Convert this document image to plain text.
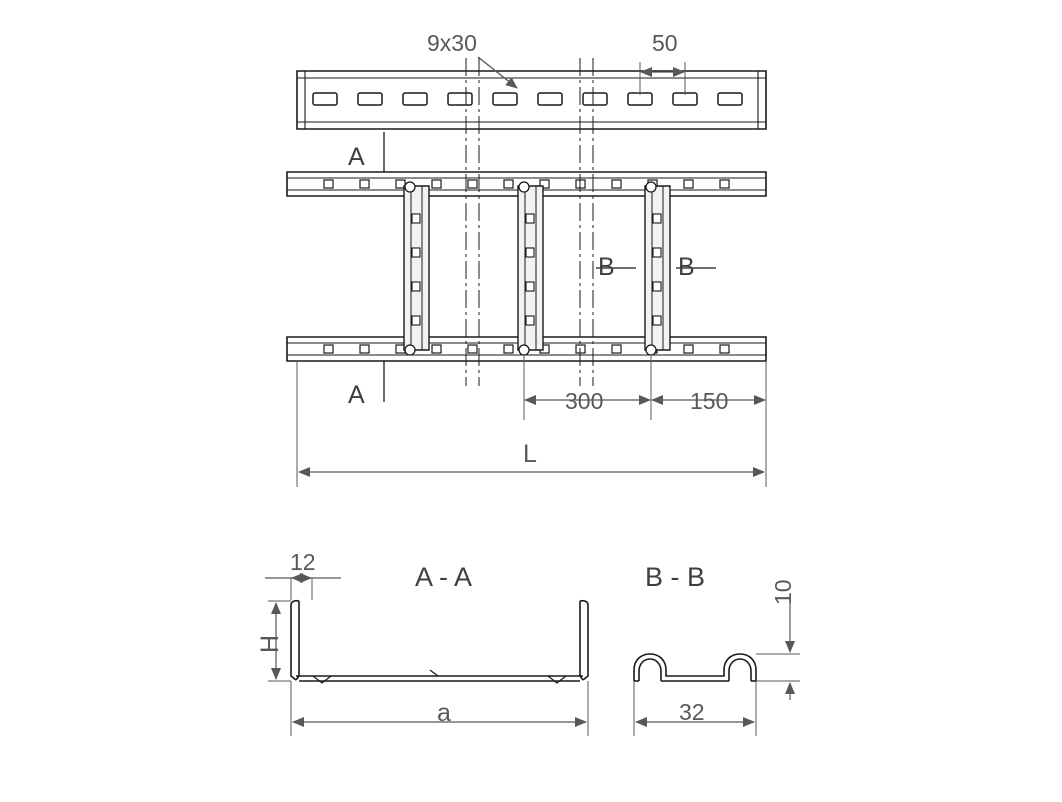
9x30	50
A
A
B	B
300	150
L
12
H
a
A - A	B - B
10
32
